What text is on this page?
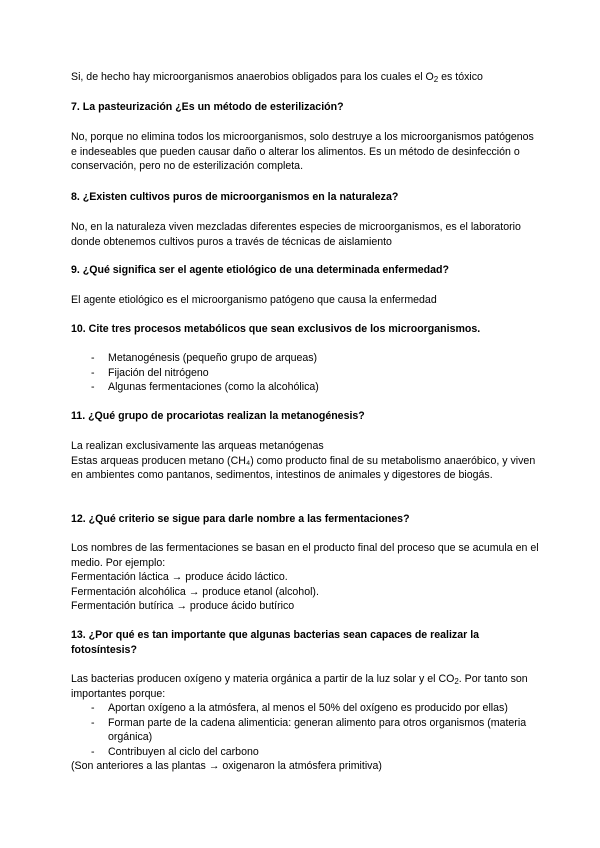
Si, de hecho hay microorganismos anaerobios obligados para los cuales el $O_2$ es tóxico

7. La pasteurización ¿Es un método de esterilización?

No, porque no elimina todos los microorganismos, solo destruye a los microorganismos patógenos e indeseables que pueden causar daño o alterar los alimentos. Es un método de desinfección o conservación, pero no de esterilización completa.

8. ¿Existen cultivos puros de microorganismos en la naturaleza?

No, en la naturaleza viven mezcladas diferentes especies de microorganismos, es el laboratorio donde obtenemos cultivos puros a través de técnicas de aislamiento

9. ¿Qué significa ser el agente etiológico de una determinada enfermedad?

El agente etiológico es el microorganismo patógeno que causa la enfermedad

10. Cite tres procesos metabólicos que sean exclusivos de los microorganismos.

- Metanogénesis (pequeño grupo de arqueas)
- Fijación del nitrógeno
- Algunas fermentaciones (como la alcohólica)

11. ¿Qué grupo de procariotas realizan la metanogénesis?

La realizan exclusivamente las arqueas metanógenas
Estas arqueas producen metano (CH₄) como producto final de su metabolismo anaeróbico, y viven en ambientes como pantanos, sedimentos, intestinos de animales y digestores de biogás.

12. ¿Qué criterio se sigue para darle nombre a las fermentaciones?

Los nombres de las fermentaciones se basan en el producto final del proceso que se acumula en el medio. Por ejemplo:
Fermentación láctica → produce ácido láctico.
Fermentación alcohólica → produce etanol (alcohol).
Fermentación butírica → produce ácido butírico

13. ¿Por qué es tan importante que algunas bacterias sean capaces de realizar la fotosíntesis?

Las bacterias producen oxígeno y materia orgánica a partir de la luz solar y el $CO_2$. Por tanto son importantes porque:
- Aportan oxígeno a la atmósfera, al menos el 50% del oxígeno es producido por ellas)
- Forman parte de la cadena alimenticia: generan alimento para otros organismos (materia orgánica)
- Contribuyen al ciclo del carbono
(Son anteriores a las plantas → oxigenaron la atmósfera primitiva)
